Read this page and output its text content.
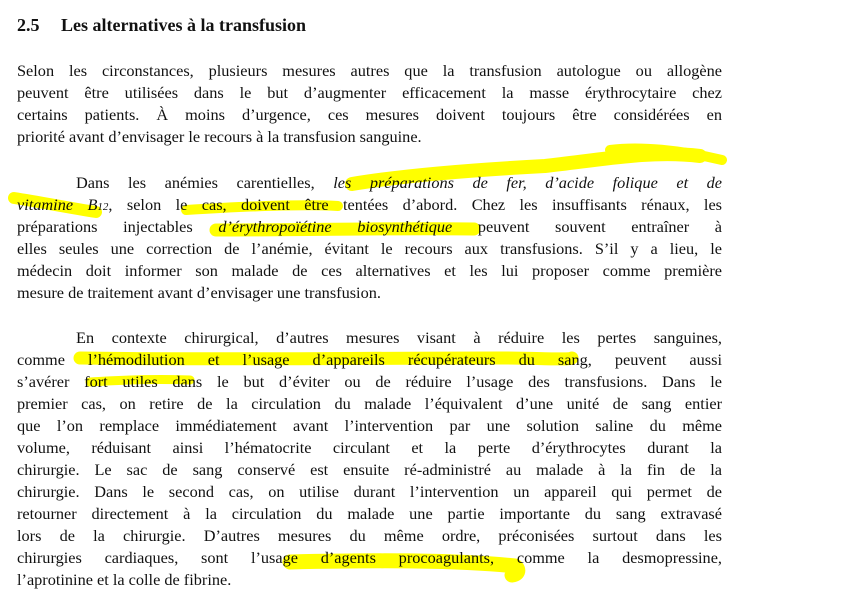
2.5 Les alternatives à la transfusion
Selon les circonstances, plusieurs mesures autres que la transfusion autologue ou allogène
peuvent être utilisées dans le but d’augmenter efficacement la masse érythrocytaire chez
certains patients. À moins d’urgence, ces mesures doivent toujours être considérées en
priorité avant d’envisager le recours à la transfusion sanguine.
Dans les anémies carentielles, les préparations de fer, d’acide folique et de
vitamine B12, selon le cas, doivent être tentées d’abord. Chez les insuffisants rénaux, les
préparations injectables d’érythropoïétine biosynthétique peuvent souvent entraîner à
elles seules une correction de l’anémie, évitant le recours aux transfusions. S’il y a lieu, le
médecin doit informer son malade de ces alternatives et les lui proposer comme première
mesure de traitement avant d’envisager une transfusion.
En contexte chirurgical, d’autres mesures visant à réduire les pertes sanguines,
comme l’hémodilution et l’usage d’appareils récupérateurs du sang, peuvent aussi
s’avérer fort utiles dans le but d’éviter ou de réduire l’usage des transfusions. Dans le
premier cas, on retire de la circulation du malade l’équivalent d’une unité de sang entier
que l’on remplace immédiatement avant l’intervention par une solution saline du même
volume, réduisant ainsi l’hématocrite circulant et la perte d’érythrocytes durant la
chirurgie. Le sac de sang conservé est ensuite ré-administré au malade à la fin de la
chirurgie. Dans le second cas, on utilise durant l’intervention un appareil qui permet de
retourner directement à la circulation du malade une partie importante du sang extravasé
lors de la chirurgie. D’autres mesures du même ordre, préconisées surtout dans les
chirurgies cardiaques, sont l’usage d’agents procoagulants, comme la desmopressine,
l’aprotinine et la colle de fibrine.
